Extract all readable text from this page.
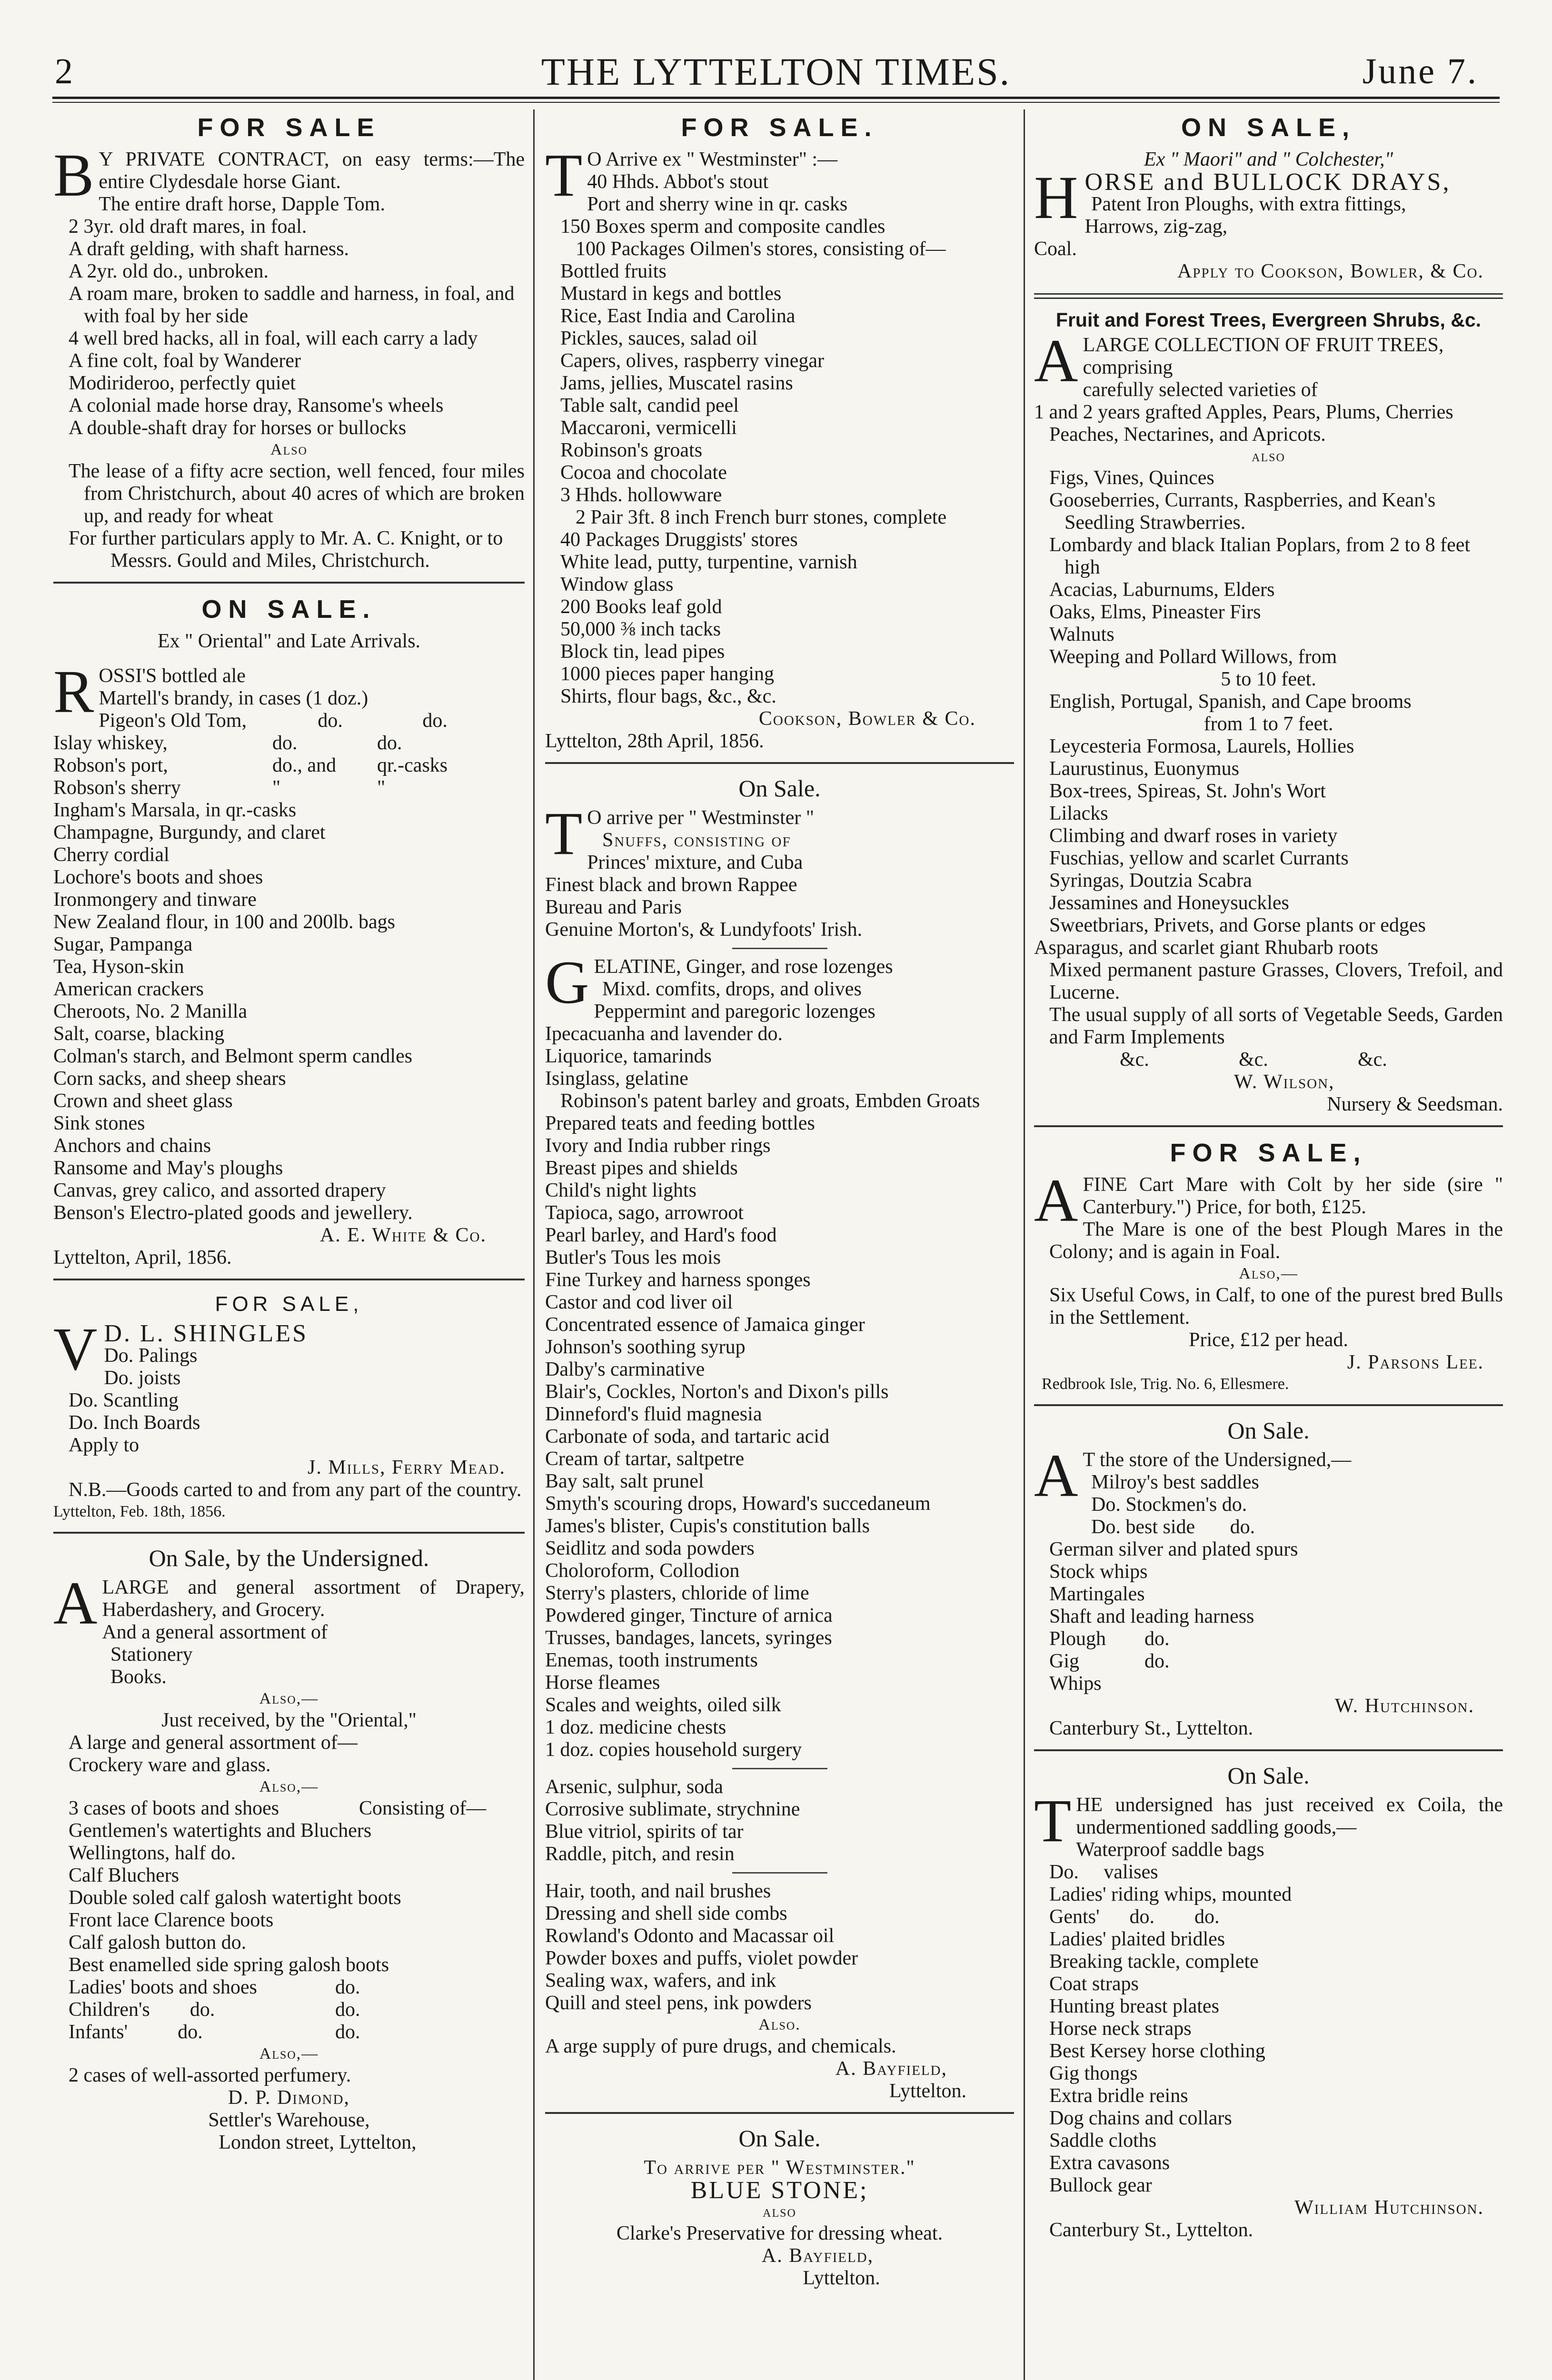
2	THE LYTTELTON TIMES.	June 7.
FOR SALE

B Y PRIVATE CONTRACT, on easy terms:—The entire Clydesdale horse Giant.

The entire draft horse, Dapple Tom.

2 3yr. old draft mares, in foal.

A draft gelding, with shaft harness.

A 2yr. old do., unbroken.

A roam mare, broken to saddle and harness, in foal, and with foal by her side

4 well bred hacks, all in foal, will each carry a lady

A fine colt, foal by Wanderer

Modiriderоо, perfectly quiet

A colonial made horse dray, Ransome's wheels

A double-shaft dray for horses or bullocks

Also

The lease of a fifty acre section, well fenced, four miles from Christchurch, about 40 acres of which are broken up, and ready for wheat

For further particulars apply to Mr. A. C. Knight, or to

Messrs. Gould and Miles, Christchurch.

ON SALE.

Ex " Oriental" and Late Arrivals.

ROSSI'S bottled ale

Martell's brandy, in cases (1 doz.)

Pigeon's Old Tom,	do.	do.
Islay whiskey,	do.	do.
Robson's port,	do., and	qr.-casks
Robson's sherry	"	"

Ingham's Marsala, in qr.-casks

Champagne, Burgundy, and claret

Cherry cordial

Lochore's boots and shoes

Ironmongery and tinware

New Zealand flour, in 100 and 200lb. bags

Sugar, Pampanga

Tea, Hyson-skin

American crackers

Cheroots, No. 2 Manilla

Salt, coarse, blacking

Colman's starch, and Belmont sperm candles

Corn sacks, and sheep shears

Crown and sheet glass

Sink stones

Anchors and chains

Ransome and May's ploughs

Canvas, grey calico, and assorted drapery

Benson's Electro-plated goods and jewellery.

A. E. White & Co.

Lyttelton, April, 1856.

FOR SALE,

V D. L. SHINGLES

Do. Palings

Do. joists

Do. Scantling

Do. Inch Boards

Apply to

J. Mills, Ferry Mead.

N.B.—Goods carted to and from any part of the country.

Lyttelton, Feb. 18th, 1856.

On Sale, by the Undersigned.

ALARGE and general assortment of Drapery, Haberdashery, and Grocery.

And a general assortment of

Stationery

Books.

Also,—

Just received, by the "Oriental,"

A large and general assortment of—

Crockery ware and glass.

Also,—

3 cases of boots and shoes	Consisting of—

Gentlemen's watertights and Bluchers

Wellingtons, half do.

Calf Bluchers

Double soled calf galosh watertight boots

Front lace Clarence boots

Calf galosh button do.

Best enamelled side spring galosh boots

Ladies' boots and shoes	do.
Children's        do.	do.
Infants'          do.	do.

Also,—

2 cases of well-assorted perfumery.

D. P. Dimond,

Settler's Warehouse,

London street, Lyttelton,

FOR SALE.

T O Arrive ex " Westminster" :—

40 Hhds. Abbot's stout

Port and sherry wine in qr. casks

150 Boxes sperm and composite candles

100 Packages Oilmen's stores, consisting of—

Bottled fruits

Mustard in kegs and bottles

Rice, East India and Carolina

Pickles, sauces, salad oil

Capers, olives, raspberry vinegar

Jams, jellies, Muscatel rasins

Table salt, candid peel

Maccaroni, vermicelli

Robinson's groats

Cocoa and chocolate

3 Hhds. hollowware

2 Pair 3ft. 8 inch French burr stones, complete

40 Packages Druggists' stores

White lead, putty, turpentine, varnish

Window glass

200 Books leaf gold

50,000 ⅜ inch tacks

Block tin, lead pipes

1000 pieces paper hanging

Shirts, flour bags, &c., &c.

Cookson, Bowler & Co.

Lyttelton, 28th April, 1856.

On Sale.

T O arrive per " Westminster "

Snuffs, consisting of

Princes' mixture, and Cuba

Finest black and brown Rappee

Bureau and Paris

Genuine Morton's, & Lundyfoots' Irish.

GELATINE, Ginger, and rose lozenges

Mixd. comfits, drops, and olives

Peppermint and paregoric lozenges

Ipecacuanha and lavender do.

Liquorice, tamarinds

Isinglass, gelatine

Robinson's patent barley and groats, Embden Groats

Prepared teats and feeding bottles

Ivory and India rubber rings

Breast pipes and shields

Child's night lights

Tapioca, sago, arrowroot

Pearl barley, and Hard's food

Butler's Tous les mois

Fine Turkey and harness sponges

Castor and cod liver oil

Concentrated essence of Jamaica ginger

Johnson's soothing syrup

Dalby's carminative

Blair's, Cockles, Norton's and Dixon's pills

Dinneford's fluid magnesia

Carbonate of soda, and tartaric acid

Cream of tartar, saltpetre

Bay salt, salt prunel

Smyth's scouring drops, Howard's succedaneum

James's blister, Cupis's constitution balls

Seidlitz and soda powders

Choloroform, Collodion

Sterry's plasters, chloride of lime

Powdered ginger, Tincture of arnica

Trusses, bandages, lancets, syringes

Enemas, tooth instruments

Horse fleames

Scales and weights, oiled silk

1 doz. medicine chests

1 doz. copies household surgery

Arsenic, sulphur, soda

Corrosive sublimate, strychnine

Blue vitriol, spirits of tar

Raddle, pitch, and resin

Hair, tooth, and nail brushes

Dressing and shell side combs

Rowland's Odonto and Macassar oil

Powder boxes and puffs, violet powder

Sealing wax, wafers, and ink

Quill and steel pens, ink powders

Also.

A arge supply of pure drugs, and chemicals.

A. Bayfield,

Lyttelton.

On Sale.

To arrive per " Westminster."

BLUE STONE;

also

Clarke's Preservative for dressing wheat.

A. Bayfield,

Lyttelton.

ON SALE,

Ex " Maori" and " Colchester,"

HORSE and BULLOCK DRAYS,

Patent Iron Ploughs, with extra fittings,

Harrows, zig-zag,

Coal.

Apply to Cookson, Bowler, & Co.

Fruit and Forest Trees, Evergreen Shrubs, &c.

ALARGE COLLECTION OF FRUIT TREES, comprising

carefully selected varieties of

1 and 2 years grafted Apples, Pears, Plums, Cherries

Peaches, Nectarines, and Apricots.

also

Figs, Vines, Quinces

Gooseberries, Currants, Raspberries, and Kean's Seedling Strawberries.

Lombardy and black Italian Poplars, from 2 to 8 feet high

Acacias, Laburnums, Elders

Oaks, Elms, Pineaster Firs

Walnuts

Weeping and Pollard Willows, from

5 to 10 feet.

English, Portugal, Spanish, and Cape brooms

from 1 to 7 feet.

Leycesteria Formosa, Laurels, Hollies

Laurustinus, Euonymus

Box-trees, Spireas, St. John's Wort

Lilacks

Climbing and dwarf roses in variety

Fuschias, yellow and scarlet Currants

Syringas, Doutzia Scabra

Jessamines and Honeysuckles

Sweetbriars, Privets, and Gorse plants or edges

Asparagus, and scarlet giant Rhubarb roots

Mixed permanent pasture Grasses, Clovers, Trefoil, and Lucerne.

The usual supply of all sorts of Vegetable Seeds, Garden and Farm Implements

&c.	&c.	&c.

W. Wilson,

Nursery & Seedsman.

FOR SALE,

AFINE Cart Mare with Colt by her side (sire " Canterbury.") Price, for both, £125.

The Mare is one of the best Plough Mares in the Colony; and is again in Foal.

Also,—

Six Useful Cows, in Calf, to one of the purest bred Bulls in the Settlement.

Price, £12 per head.

J. Parsons Lee.

Redbrook Isle, Trig. No. 6, Ellesmere.

On Sale.

A T the store of the Undersigned,—

Milroy's best saddles

Do. Stockmen's do.

Do. best side       do.

German silver and plated spurs

Stock whips

Martingales

Shaft and leading harness

Plough	do.
Gig	do.

Whips

W. Hutchinson.

Canterbury St., Lyttelton.

On Sale.

THE undersigned has just received ex Coila, the undermentioned saddling goods,—

Waterproof saddle bags

Do.     valises

Ladies' riding whips, mounted

Gents'      do.        do.

Ladies' plaited bridles

Breaking tackle, complete

Coat straps

Hunting breast plates

Horse neck straps

Best Kersey horse clothing

Gig thongs

Extra bridle reins

Dog chains and collars

Saddle cloths

Extra cavasons

Bullock gear

William Hutchinson.

Canterbury St., Lyttelton.
